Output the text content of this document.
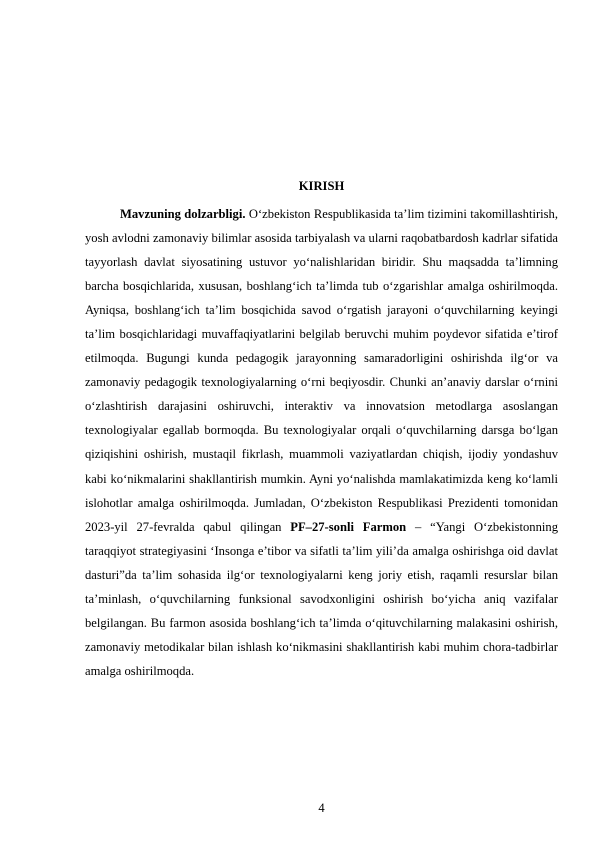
KIRISH

Mavzuning dolzarbligi. O‘zbekiston Respublikasida ta’lim tizimini takomillashtirish, yosh avlodni zamonaviy bilimlar asosida tarbiyalash va ularni raqobatbardosh kadrlar sifatida tayyorlash davlat siyosatining ustuvor yo‘nalishlaridan biridir. Shu maqsadda ta’limning barcha bosqichlarida, xususan, boshlang‘ich ta’limda tub o‘zgarishlar amalga oshirilmoqda. Ayniqsa, boshlang‘ich ta’lim bosqichida savod o‘rgatish jarayoni o‘quvchilarning keyingi ta’lim bosqichlaridagi muvaffaqiyatlarini belgilab beruvchi muhim poydevor sifatida e’tirof etilmoqda. Bugungi kunda pedagogik jarayonning samaradorligini oshirishda ilg‘or va zamonaviy pedagogik texnologiyalarning o‘rni beqiyosdir. Chunki an’anaviy darslar o‘rnini o‘zlashtirish darajasini oshiruvchi, interaktiv va innovatsion metodlarga asoslangan texnologiyalar egallab bormoqda. Bu texnologiyalar orqali o‘quvchilarning darsga bo‘lgan qiziqishini oshirish, mustaqil fikrlash, muammoli vaziyatlardan chiqish, ijodiy yondashuv kabi ko‘nikmalarini shakllantirish mumkin. Ayni yo‘nalishda mamlakatimizda keng ko‘lamli islohotlar amalga oshirilmoqda. Jumladan, O‘zbekiston Respublikasi Prezidenti tomonidan 2023-yil 27-fevralda qabul qilingan PF–27-sonli Farmon – “Yangi O‘zbekistonning taraqqiyot strategiyasini ‘Insonga e’tibor va sifatli ta’lim yili’da amalga oshirishga oid davlat dasturi”da ta’lim sohasida ilg‘or texnologiyalarni keng joriy etish, raqamli resurslar bilan ta’minlash, o‘quvchilarning funksional savodxonligini oshirish bo‘yicha aniq vazifalar belgilangan. Bu farmon asosida boshlang‘ich ta’limda o‘qituvchilarning malakasini oshirish, zamonaviy metodikalar bilan ishlash ko‘nikmasini shakllantirish kabi muhim chora-tadbirlar amalga oshirilmoqda.

4
